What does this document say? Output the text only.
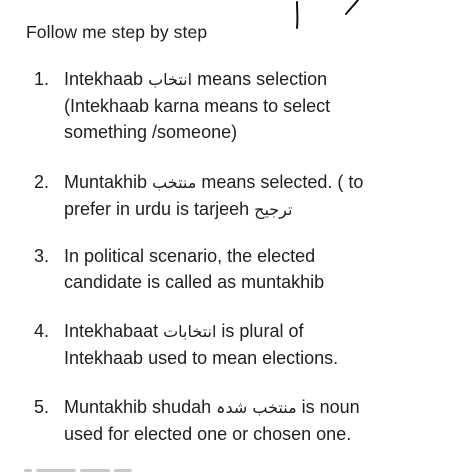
Follow me step by step
1. Intekhaab انتخاب means selection
(Intekhaab karna means to select
something /someone)
2. Muntakhib منتخب means selected. ( to
prefer in urdu is tarjeeh ترجیح
3. In political scenario, the elected
candidate is called as muntakhib
4. Intekhabaat انتخابات is plural of
Intekhaab used to mean elections.
5. Muntakhib shudah منتخب شدہ is noun
used for elected one or chosen one.
